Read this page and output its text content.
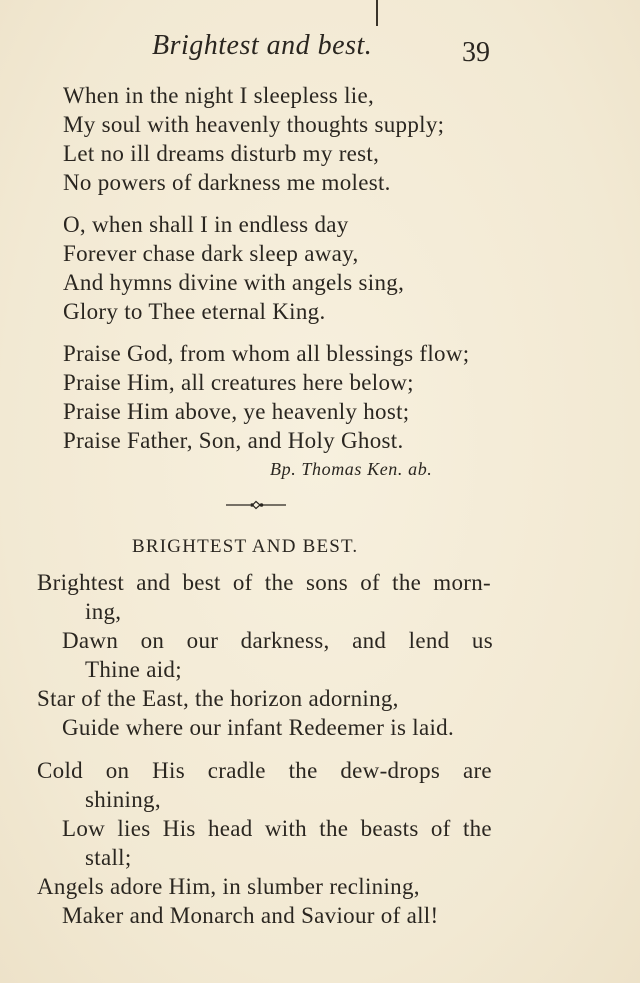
Brightest and best.	39
When in the night I sleepless lie,
My soul with heavenly thoughts supply;
Let no ill dreams disturb my rest,
No powers of darkness me molest.
O, when shall I in endless day
Forever chase dark sleep away,
And hymns divine with angels sing,
Glory to Thee eternal King.
Praise God, from whom all blessings flow;
Praise Him, all creatures here below;
Praise Him above, ye heavenly host;
Praise Father, Son, and Holy Ghost.
Bp. Thomas Ken. ab.
BRIGHTEST AND BEST.
Brightest and best of the sons of the morn-
ing,
Dawn on our darkness, and lend us
Thine aid;
Star of the East, the horizon adorning,
Guide where our infant Redeemer is laid.
Cold on His cradle the dew-drops are
shining,
Low lies His head with the beasts of the
stall;
Angels adore Him, in slumber reclining,
Maker and Monarch and Saviour of all!
